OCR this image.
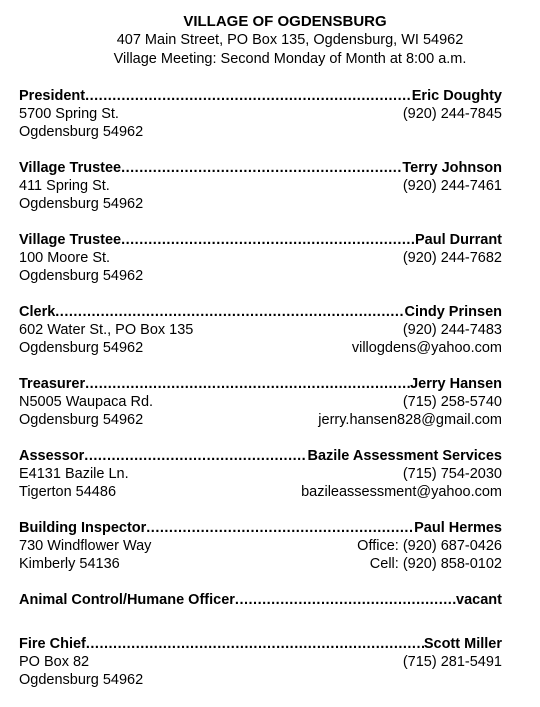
VILLAGE OF OGDENSBURG
407 Main Street, PO Box 135, Ogdensburg, WI 54962
Village Meeting: Second Monday of Month at 8:00 a.m.
President .....	Eric Doughty
5700 Spring St.	(920) 244-7845
Ogdensburg 54962
Village Trustee .....	Terry Johnson
411 Spring St.	(920) 244-7461
Ogdensburg 54962
Village Trustee .....	Paul Durrant
100 Moore St.	(920) 244-7682
Ogdensburg 54962
Clerk .....	Cindy Prinsen
602 Water St., PO Box 135	(920) 244-7483
Ogdensburg 54962	villogdens@yahoo.com
Treasurer .....	Jerry Hansen
N5005 Waupaca Rd.	(715) 258-5740
Ogdensburg 54962	jerry.hansen828@gmail.com
Assessor .....	Bazile Assessment Services
E4131 Bazile Ln.	(715) 754-2030
Tigerton 54486	bazileassessment@yahoo.com
Building Inspector .....	Paul Hermes
730 Windflower Way	Office: (920) 687-0426
Kimberly 54136	Cell: (920) 858-0102
Animal Control/Humane Officer .....	vacant
Fire Chief .....	Scott Miller
PO Box 82	(715) 281-5491
Ogdensburg 54962
